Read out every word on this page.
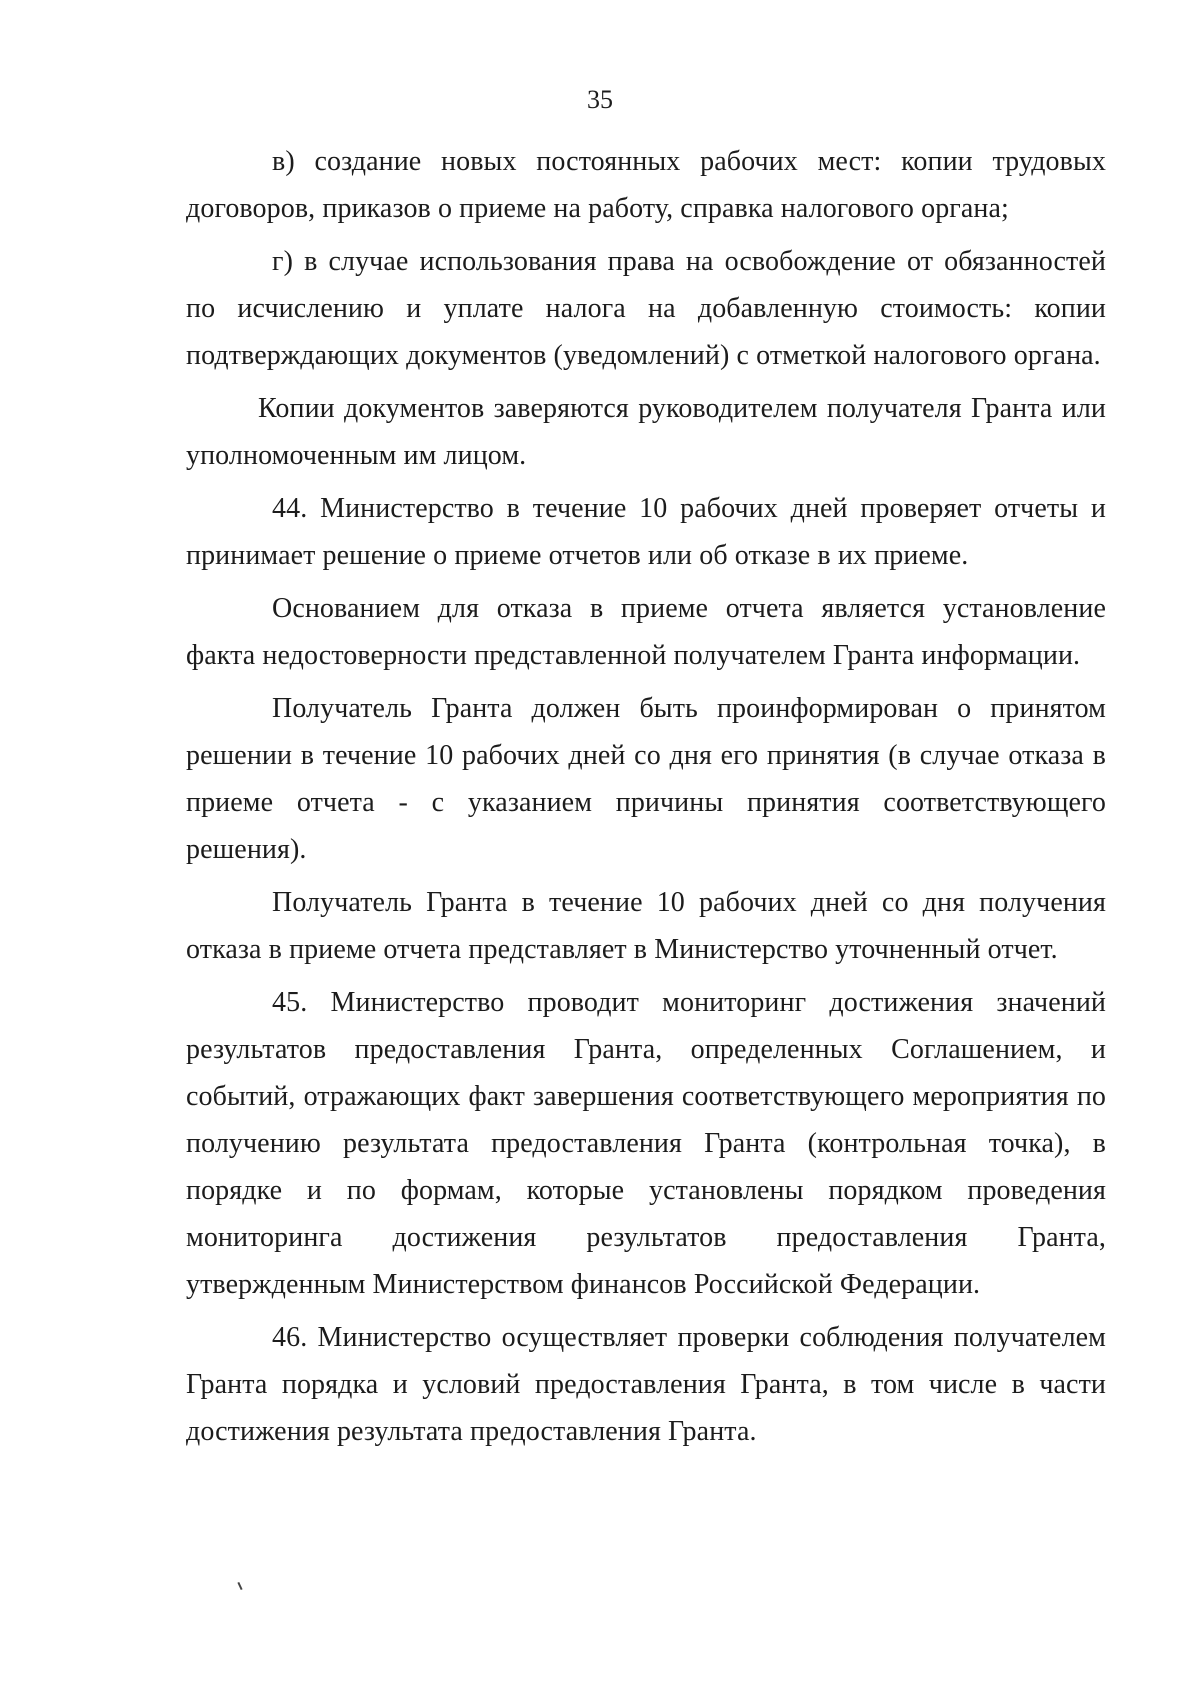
35

в) создание новых постоянных рабочих мест: копии трудовых договоров, приказов о приеме на работу, справка налогового органа;

г) в случае использования права на освобождение от обязанностей по исчислению и уплате налога на добавленную стоимость: копии подтверждающих документов (уведомлений) с отметкой налогового органа.

Копии документов заверяются руководителем получателя Гранта или уполномоченным им лицом.

44. Министерство в течение 10 рабочих дней проверяет отчеты и принимает решение о приеме отчетов или об отказе в их приеме.

Основанием для отказа в приеме отчета является установление факта недостоверности представленной получателем Гранта информации.

Получатель Гранта должен быть проинформирован о принятом решении в течение 10 рабочих дней со дня его принятия (в случае отказа в приеме отчета - с указанием причины принятия соответствующего решения).

Получатель Гранта в течение 10 рабочих дней со дня получения отказа в приеме отчета представляет в Министерство уточненный отчет.

45. Министерство проводит мониторинг достижения значений результатов предоставления Гранта, определенных Соглашением, и событий, отражающих факт завершения соответствующего мероприятия по получению результата предоставления Гранта (контрольная точка), в порядке и по формам, которые установлены порядком проведения мониторинга достижения результатов предоставления Гранта, утвержденным Министерством финансов Российской Федерации.

46. Министерство осуществляет проверки соблюдения получателем Гранта порядка и условий предоставления Гранта, в том числе в части достижения результата предоставления Гранта.
